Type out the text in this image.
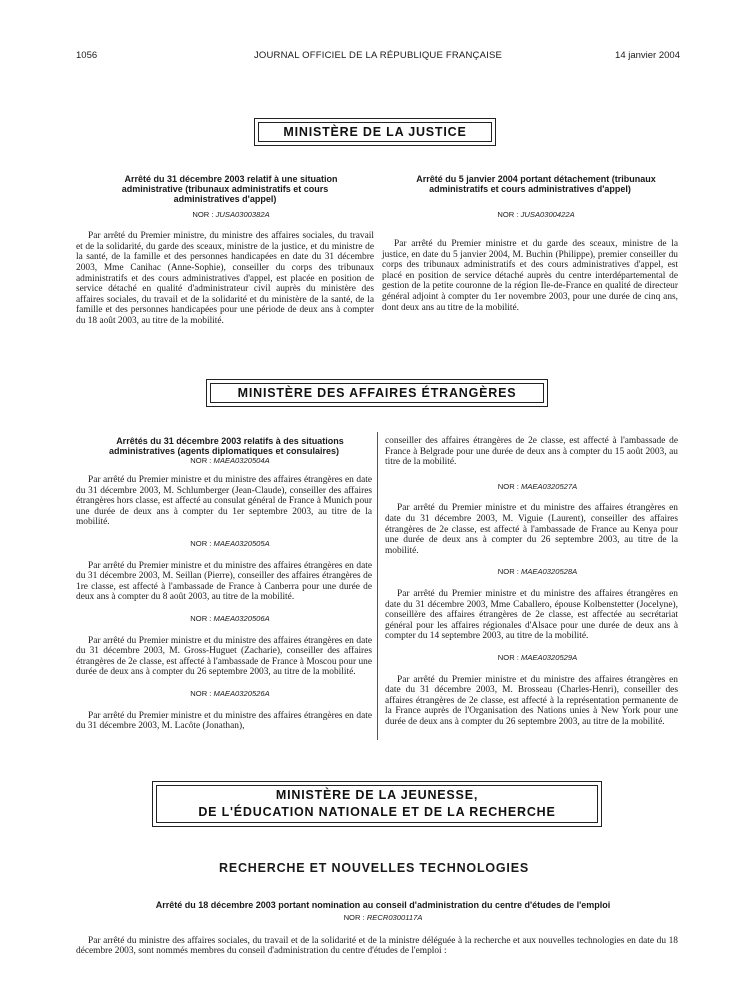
1056	JOURNAL OFFICIEL DE LA RÉPUBLIQUE FRANÇAISE	14 janvier 2004
MINISTÈRE DE LA JUSTICE

Arrêté du 31 décembre 2003 relatif à une situation administrative (tribunaux administratifs et cours administratives d'appel)

NOR : JUSA0300382A

Par arrêté du Premier ministre, du ministre des affaires sociales, du travail et de la solidarité, du garde des sceaux, ministre de la justice, et du ministre de la santé, de la famille et des personnes handicapées en date du 31 décembre 2003, Mme Canihac (Anne-Sophie), conseiller du corps des tribunaux administratifs et des cours administratives d'appel, est placée en position de service détaché en qualité d'administrateur civil auprès du ministère des affaires sociales, du travail et de la solidarité et du ministère de la santé, de la famille et des personnes handicapées pour une période de deux ans à compter du 18 août 2003, au titre de la mobilité.

Arrêté du 5 janvier 2004 portant détachement (tribunaux administratifs et cours administratives d'appel)

NOR : JUSA0300422A

Par arrêté du Premier ministre et du garde des sceaux, ministre de la justice, en date du 5 janvier 2004, M. Buchin (Philippe), premier conseiller du corps des tribunaux administratifs et des cours administratives d'appel, est placé en position de service détaché auprès du centre interdépartemental de gestion de la petite couronne de la région Ile-de-France en qualité de directeur général adjoint à compter du 1er novembre 2003, pour une durée de cinq ans, dont deux ans au titre de la mobilité.

MINISTÈRE DES AFFAIRES ÉTRANGÈRES

Arrêtés du 31 décembre 2003 relatifs à des situations administratives (agents diplomatiques et consulaires)

NOR : MAEA0320504A

Par arrêté du Premier ministre et du ministre des affaires étrangères en date du 31 décembre 2003, M. Schlumberger (Jean-Claude), conseiller des affaires étrangères hors classe, est affecté au consulat général de France à Munich pour une durée de deux ans à compter du 1er septembre 2003, au titre de la mobilité.

NOR : MAEA0320505A

Par arrêté du Premier ministre et du ministre des affaires étrangères en date du 31 décembre 2003, M. Seillan (Pierre), conseiller des affaires étrangères de 1re classe, est affecté à l'ambassade de France à Canberra pour une durée de deux ans à compter du 8 août 2003, au titre de la mobilité.

NOR : MAEA0320506A

Par arrêté du Premier ministre et du ministre des affaires étrangères en date du 31 décembre 2003, M. Gross-Huguet (Zacharie), conseiller des affaires étrangères de 2e classe, est affecté à l'ambassade de France à Moscou pour une durée de deux ans à compter du 26 septembre 2003, au titre de la mobilité.

NOR : MAEA0320526A

Par arrêté du Premier ministre et du ministre des affaires étrangères en date du 31 décembre 2003, M. Lacôte (Jonathan),

conseiller des affaires étrangères de 2e classe, est affecté à l'ambassade de France à Belgrade pour une durée de deux ans à compter du 15 août 2003, au titre de la mobilité.

NOR : MAEA0320527A

Par arrêté du Premier ministre et du ministre des affaires étrangères en date du 31 décembre 2003, M. Viguie (Laurent), conseiller des affaires étrangères de 2e classe, est affecté à l'ambassade de France au Kenya pour une durée de deux ans à compter du 26 septembre 2003, au titre de la mobilité.

NOR : MAEA0320528A

Par arrêté du Premier ministre et du ministre des affaires étrangères en date du 31 décembre 2003, Mme Caballero, épouse Kolbenstetter (Jocelyne), conseillère des affaires étrangères de 2e classe, est affectée au secrétariat général pour les affaires régionales d'Alsace pour une durée de deux ans à compter du 14 septembre 2003, au titre de la mobilité.

NOR : MAEA0320529A

Par arrêté du Premier ministre et du ministre des affaires étrangères en date du 31 décembre 2003, M. Brosseau (Charles-Henri), conseiller des affaires étrangères de 2e classe, est affecté à la représentation permanente de la France auprès de l'Organisation des Nations unies à New York pour une durée de deux ans à compter du 26 septembre 2003, au titre de la mobilité.

MINISTÈRE DE LA JEUNESSE,
DE L'ÉDUCATION NATIONALE ET DE LA RECHERCHE
RECHERCHE ET NOUVELLES TECHNOLOGIES

Arrêté du 18 décembre 2003 portant nomination au conseil d'administration du centre d'études de l'emploi

NOR : RECR0300117A

Par arrêté du ministre des affaires sociales, du travail et de la solidarité et de la ministre déléguée à la recherche et aux nouvelles technologies en date du 18 décembre 2003, sont nommés membres du conseil d'administration du centre d'études de l'emploi :
